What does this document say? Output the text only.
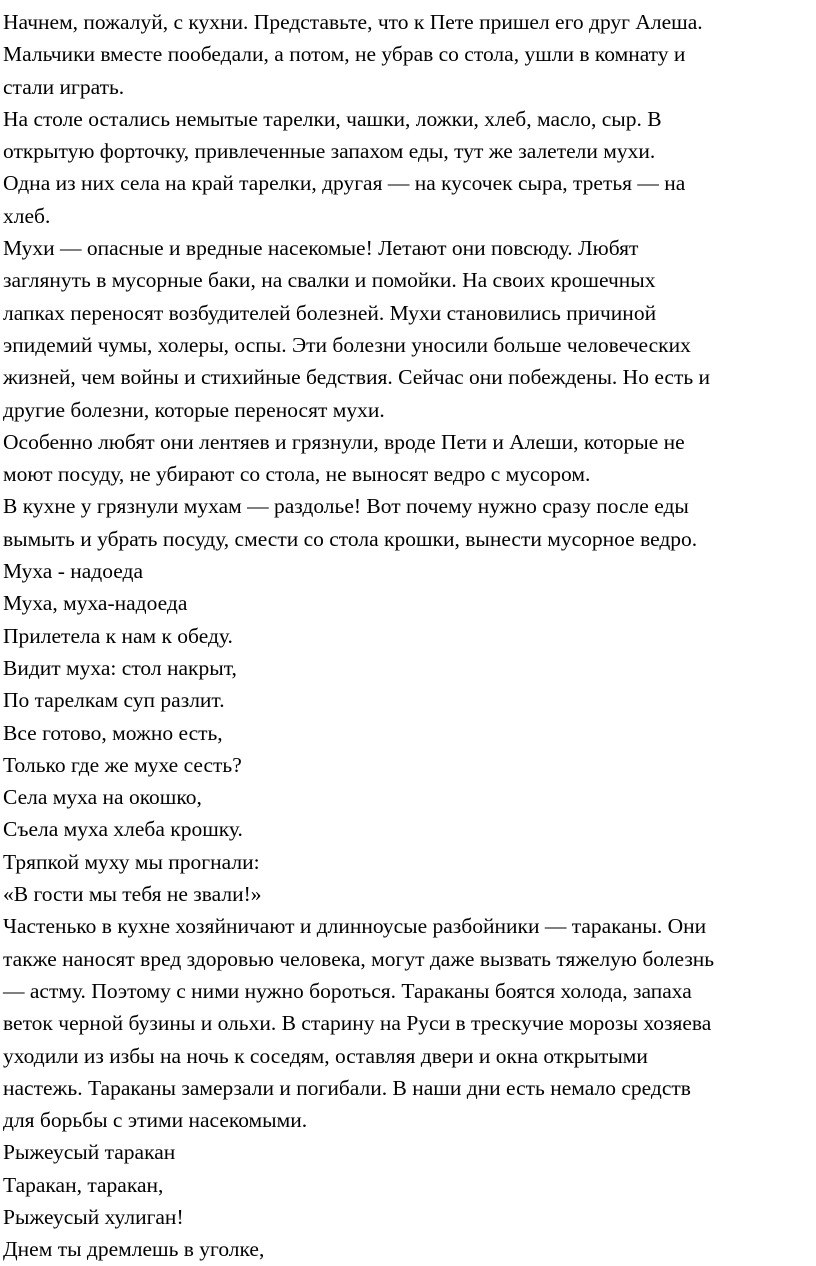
Начнем, пожалуй, с кухни. Представьте, что к Пете пришел его друг Алеша.
Мальчики вместе пообедали, а потом, не убрав со стола, ушли в комнату и
стали играть.
На столе остались немытые тарелки, чашки, ложки, хлеб, масло, сыр. В
открытую форточку, привлеченные запахом еды, тут же залетели мухи.
Одна из них села на край тарелки, другая — на кусочек сыра, третья — на
хлеб.
Мухи — опасные и вредные насекомые! Летают они повсюду. Любят
заглянуть в мусорные баки, на свалки и помойки. На своих крошечных
лапках переносят возбудителей болезней. Мухи становились причиной
эпидемий чумы, холеры, оспы. Эти болезни уносили больше человеческих
жизней, чем войны и стихийные бедствия. Сейчас они побеждены. Но есть и
другие болезни, которые переносят мухи.
Особенно любят они лентяев и грязнули, вроде Пети и Алеши, которые не
моют посуду, не убирают со стола, не выносят ведро с мусором.
В кухне у грязнули мухам — раздолье! Вот почему нужно сразу после еды
вымыть и убрать посуду, смести со стола крошки, вынести мусорное ведро.
Муха - надоеда
Муха, муха-надоеда
Прилетела к нам к обеду.
Видит муха: стол накрыт,
По тарелкам суп разлит.
Все готово, можно есть,
Только где же мухе сесть?
Села муха на окошко,
Съела муха хлеба крошку.
Тряпкой муху мы прогнали:
«В гости мы тебя не звали!»
Частенько в кухне хозяйничают и длинноусые разбойники — тараканы. Они
также наносят вред здоровью человека, могут даже вызвать тяжелую болезнь
— астму. Поэтому с ними нужно бороться. Тараканы боятся холода, запаха
веток черной бузины и ольхи. В старину на Руси в трескучие морозы хозяева
уходили из избы на ночь к соседям, оставляя двери и окна открытыми
настежь. Тараканы замерзали и погибали. В наши дни есть немало средств
для борьбы с этими насекомыми.
Рыжеусый таракан
Таракан, таракан,
Рыжеусый хулиган!
Днем ты дремлешь в уголке,
